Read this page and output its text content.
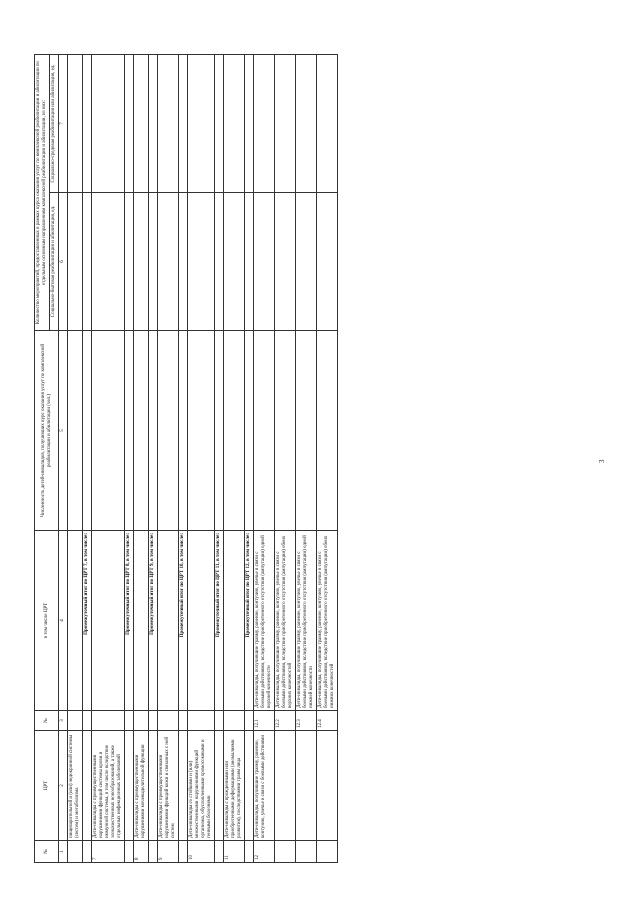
3
№	ЦРТ	№	в том числе ЦРТ	Численность детей-инвалидов, получивших курс оказания услуг по комплексной реабилитации и абилитации (чел.)	Количество мероприятий, предоставленных в рамках курса оказания услуг по комплексной реабилитации и абилитации по отдельным основным направлениям комплексной реабилитации и абилитации, из них:	
					Социально-бытовая реабилитация и абилитация, ед.	Социально-средовая реабилитация или абилитация, ед.
1	2	3	4	5	6	7
	пищеварительной и (или) эндокринной системы (систем) и метаболизма					
			Промежуточный итог по ЦРТ 7, в том числе:			
7	Дети-инвалиды с преимущественными нарушениями функций системы крови и иммунной системы, в том числе вследствие злокачественных новообразований, а также отдельных инфекционных заболеваний					
			Промежуточный итог по ЦРТ 8, в том числе:			
8	Дети-инвалиды с преимущественными нарушениями мочевыделительной функции					
			Промежуточный итог по ЦРТ 9, в том числе:			
9	Дети-инвалиды с преимущественными нарушениями функций кожи и связанных с ней систем					
			Промежуточный итог по ЦРТ 10, в том числе:			
10	Дети-инвалиды со стойкими и (или) множественными нарушениями функций организма, обусловленными хромосомными и генными болезнями					
			Промежуточный итог по ЦРТ 11, в том числе:			
11	Дети-инвалиды с врожденными или приобретенными деформациями (аномалиями развития), последствиями травм лица					
			Промежуточный итог по ЦРТ 12, в том числе:			
12	Дети-инвалиды, получившие травму, ранение, контузию, увечье в связи с боевыми действиями	12.1	Дети-инвалиды, получившие травму, ранение, контузию, увечье в связи с боевыми действиями, вследствие приобретенного отсутствия (ампутации) одной верхней конечности			
		12.2	Дети-инвалиды, получившие травму, ранение, контузию, увечье в связи с боевыми действиями, вследствие приобретенного отсутствия (ампутации) обеих верхних конечностей			
		12.3	Дети-инвалиды, получившие травму, ранение, контузию, увечье в связи с боевыми действиями, вследствие приобретенного отсутствия (ампутации) одной нижней конечности			
		12.4	Дети-инвалиды, получившие травму, ранение, контузию, увечье в связи с боевыми действиями, вследствие приобретенного отсутствия (ампутации) обеих нижних конечностей			
